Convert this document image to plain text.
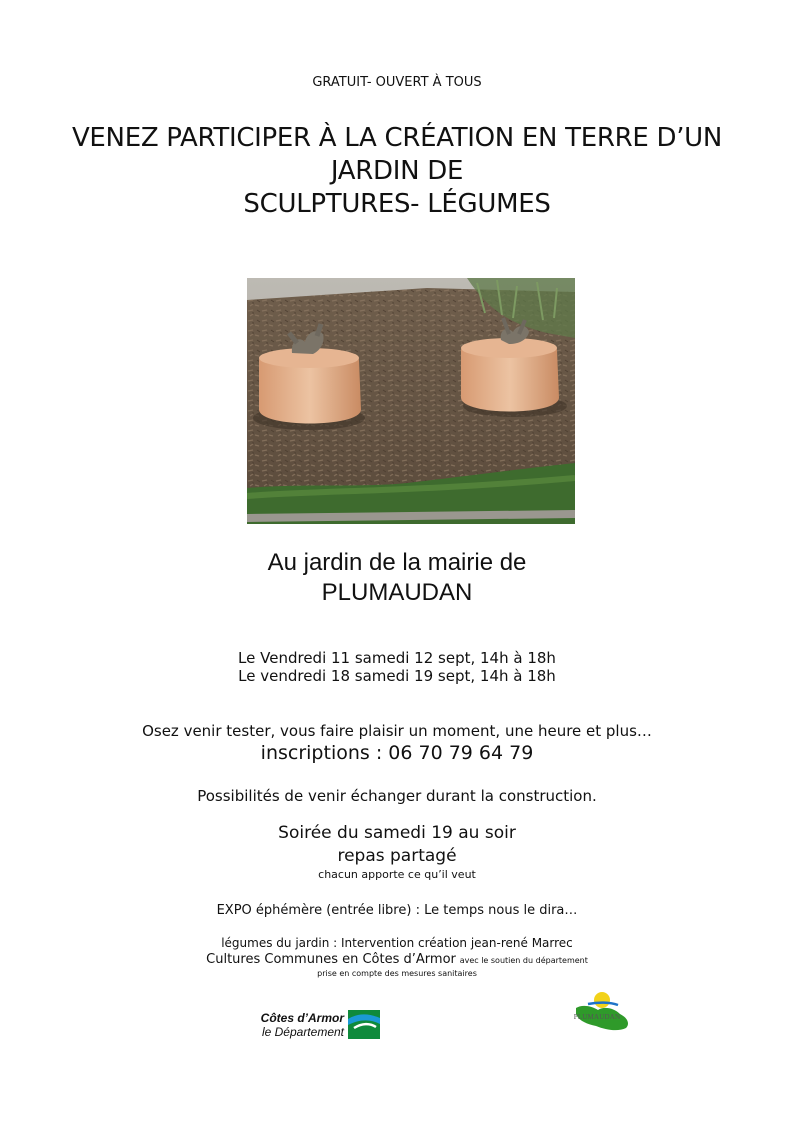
GRATUIT- OUVERT À TOUS
VENEZ PARTICIPER À LA CRÉATION EN TERRE D’UN
JARDIN DE
SCULPTURES- LÉGUMES
Au jardin de la mairie de
PLUMAUDAN
Le Vendredi 11 samedi 12 sept, 14h à 18h
Le vendredi 18 samedi 19 sept, 14h à 18h
Osez venir tester, vous faire plaisir un moment, une heure et plus…
inscriptions : 06 70 79 64 79
Possibilités de venir échanger durant la construction.
Soirée du samedi 19 au soir
repas partagé
chacun apporte ce qu’il veut
EXPO éphémère (entrée libre) : Le temps nous le dira…
légumes du jardin : Intervention création jean-rené Marrec
Cultures Communes en Côtes d’Armor avec le soutien du département
prise en compte des mesures sanitaires
Côtes d’Armor
le Département
PLUMAUDAN
